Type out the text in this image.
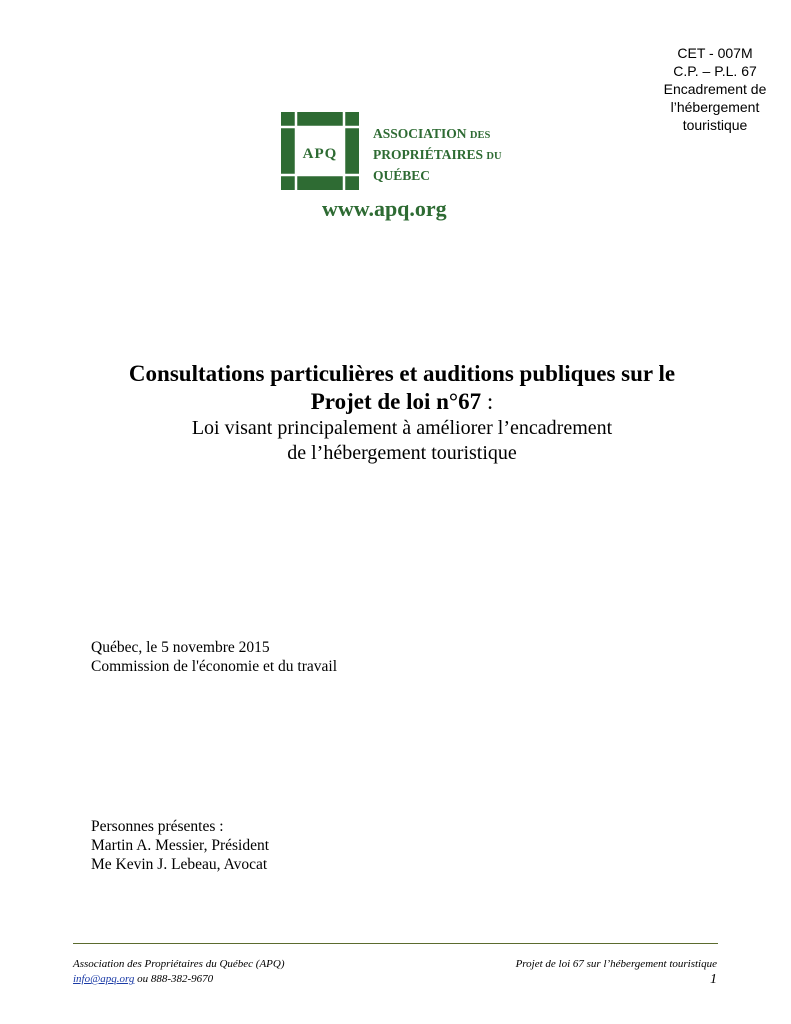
CET - 007M
C.P. – P.L. 67
Encadrement de
l’hébergement
touristique
APQ
ASSOCIATION DES
PROPRIÉTAIRES DU
QUÉBEC
www.apq.org
Consultations particulières et auditions publiques sur le
Projet de loi n°67 :
Loi visant principalement à améliorer l’encadrement
de l’hébergement touristique
Québec, le 5 novembre 2015
Commission de l'économie et du travail
Personnes présentes :
Martin A. Messier, Président
Me Kevin J. Lebeau, Avocat
Association des Propriétaires du Québec (APQ)
info@apq.org ou 888-382-9670
Projet de loi 67 sur l’hébergement touristique
1
